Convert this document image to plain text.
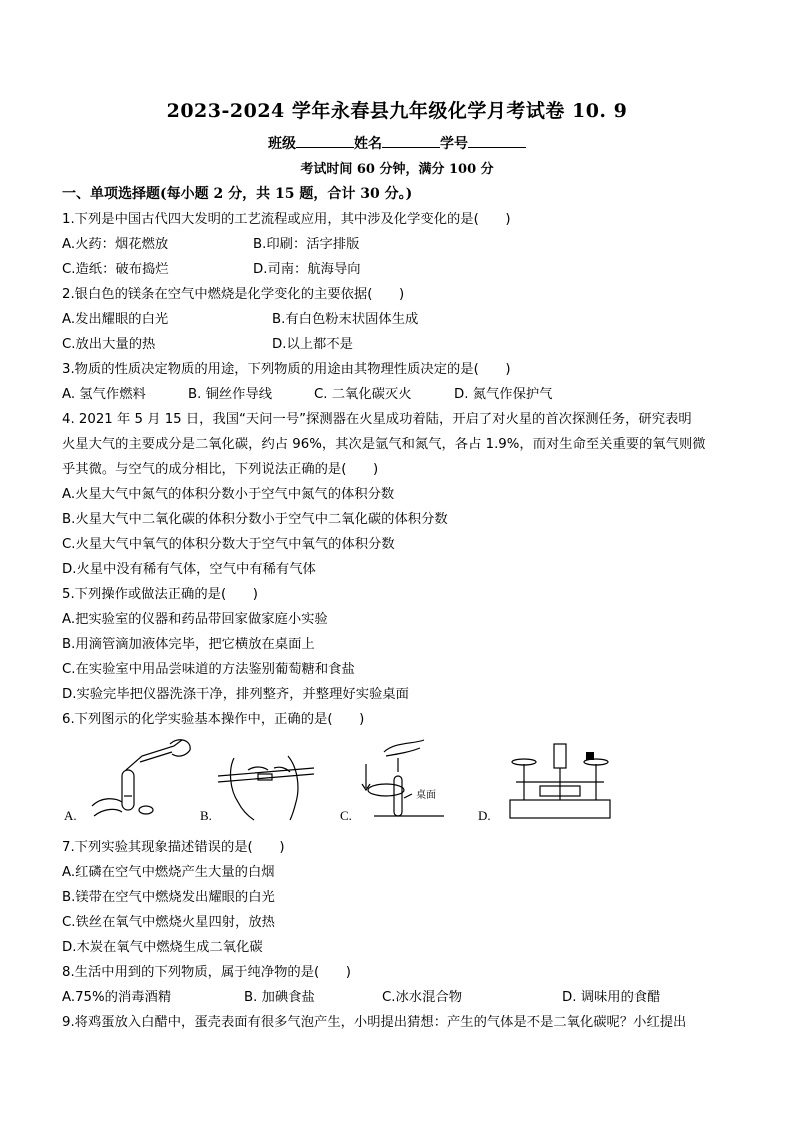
2023-2024 学年永春县九年级化学月考试卷 10. 9
班级	姓名	学号
考试时间 60 分钟，满分 100 分
一、单项选择题(每小题 2 分，共 15 题，合计 30 分。)
1.下列是中国古代四大发明的工艺流程或应用，其中涉及化学变化的是(　　)
A.火药：烟花燃放	B.印刷：活字排版
C.造纸：破布捣烂	D.司南：航海导向
2.银白色的镁条在空气中燃烧是化学变化的主要依据(　　)
A.发出耀眼的白光	B.有白色粉末状固体生成
C.放出大量的热	D.以上都不是
3.物质的性质决定物质的用途，下列物质的用途由其物理性质决定的是(　　)
A. 氢气作燃料	B. 铜丝作导线	C. 二氧化碳灭火	D. 氮气作保护气
4. 2021 年 5 月 15 日，我国“天问一号”探测器在火星成功着陆，开启了对火星的首次探测任务，研究表明
火星大气的主要成分是二氧化碳，约占 96%，其次是氩气和氮气，各占 1.9%，而对生命至关重要的氧气则微
乎其微。与空气的成分相比，下列说法正确的是(　　)
A.火星大气中氮气的体积分数小于空气中氮气的体积分数
B.火星大气中二氧化碳的体积分数小于空气中二氧化碳的体积分数
C.火星大气中氧气的体积分数大于空气中氧气的体积分数
D.火星中没有稀有气体，空气中有稀有气体
5.下列操作或做法正确的是(　　)
A.把实验室的仪器和药品带回家做家庭小实验
B.用滴管滴加液体完毕，把它横放在桌面上
C.在实验室中用品尝味道的方法鉴别葡萄糖和食盐
D.实验完毕把仪器洗涤干净，排列整齐，并整理好实验桌面
6.下列图示的化学实验基本操作中，正确的是(　　)
A.	B.
桌面
C.	D.
7.下列实验其现象描述错误的是(　　)
A.红磷在空气中燃烧产生大量的白烟
B.镁带在空气中燃烧发出耀眼的白光
C.铁丝在氧气中燃烧火星四射，放热
D.木炭在氧气中燃烧生成二氧化碳
8.生活中用到的下列物质，属于纯净物的是(　　)
A.75%的消毒酒精	B. 加碘食盐	C.冰水混合物	D. 调味用的食醋
9.将鸡蛋放入白醋中，蛋壳表面有很多气泡产生，小明提出猜想：产生的气体是不是二氧化碳呢？小红提出
